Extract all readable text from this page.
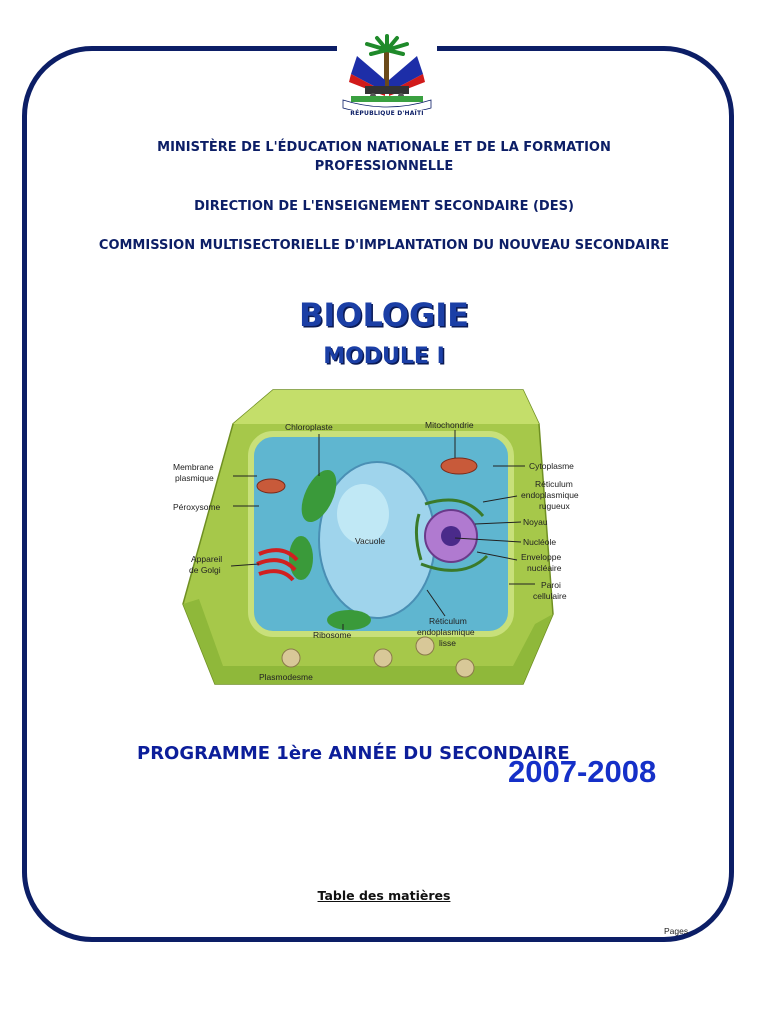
RÉPUBLIQUE D'HAÏTI
MINISTÈRE DE L'ÉDUCATION NATIONALE ET DE LA FORMATION
PROFESSIONNELLE
DIRECTION DE L'ENSEIGNEMENT SECONDAIRE (DES)
COMMISSION MULTISECTORIELLE D'IMPLANTATION DU NOUVEAU SECONDAIRE
BIOLOGIE
MODULE I
Chloroplaste	Mitochondrie
Membrane
plasmique
Cytoplasme
Réticulum
endoplasmique
rugueux
Péroxysome
Noyau
Vacuole	Nucléole
Appareil
de Golgi
Enveloppe
nucléaire
Paroi
cellulaire
Ribosome
Réticulum
endoplasmique
lisse
Plasmodesme
PROGRAMME 1ère ANNÉE DU SECONDAIRE
2007-2008
Table des matières
Pages
